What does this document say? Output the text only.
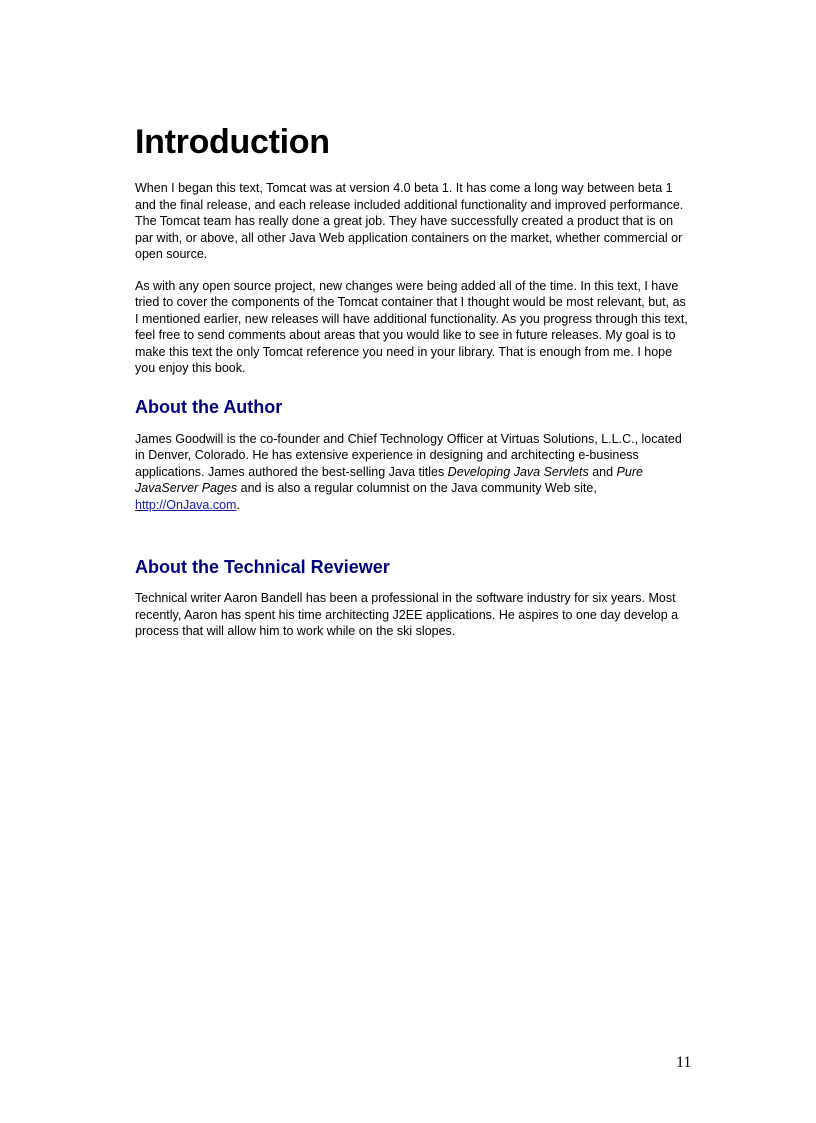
Introduction

When I began this text, Tomcat was at version 4.0 beta 1. It has come a long way between beta 1 and the final release, and each release included additional functionality and improved performance. The Tomcat team has really done a great job. They have successfully created a product that is on par with, or above, all other Java Web application containers on the market, whether commercial or open source.

As with any open source project, new changes were being added all of the time. In this text, I have tried to cover the components of the Tomcat container that I thought would be most relevant, but, as I mentioned earlier, new releases will have additional functionality. As you progress through this text, feel free to send comments about areas that you would like to see in future releases. My goal is to make this text the only Tomcat reference you need in your library. That is enough from me. I hope you enjoy this book.

About the Author

James Goodwill is the co-founder and Chief Technology Officer at Virtuas Solutions, L.L.C., located in Denver, Colorado. He has extensive experience in designing and architecting e-business applications. James authored the best-selling Java titles Developing Java Servlets and Pure JavaServer Pages and is also a regular columnist on the Java community Web site, http://OnJava.com.

About the Technical Reviewer

Technical writer Aaron Bandell has been a professional in the software industry for six years. Most recently, Aaron has spent his time architecting J2EE applications. He aspires to one day develop a process that will allow him to work while on the ski slopes.

11
